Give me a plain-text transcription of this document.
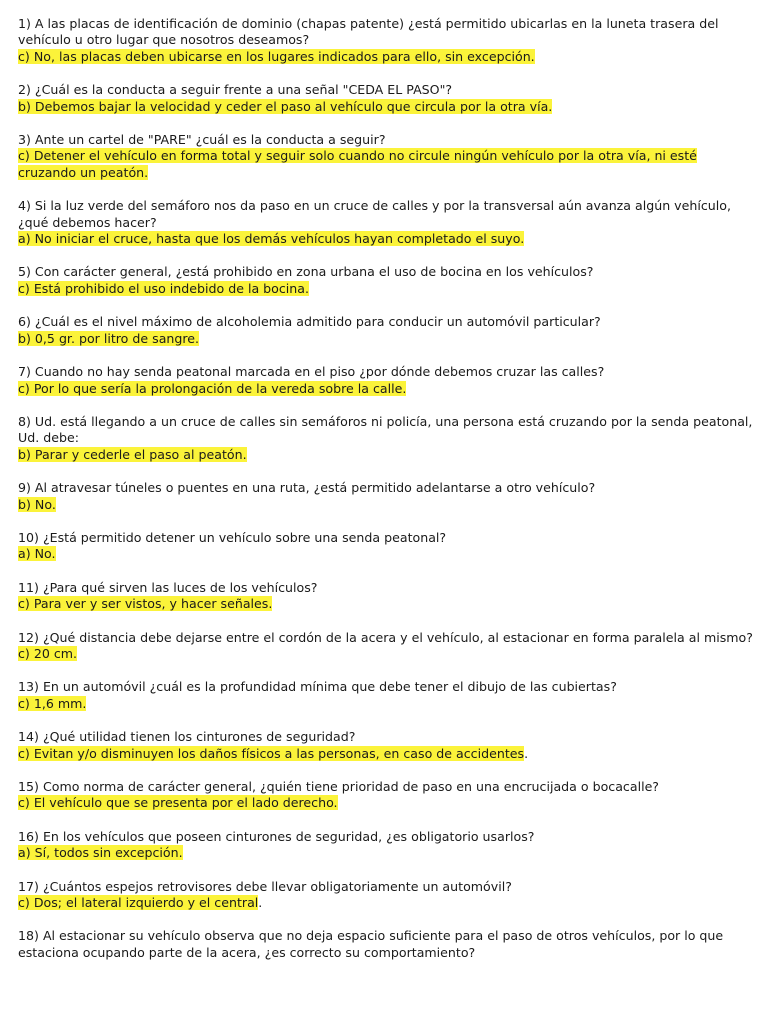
1) A las placas de identificación de dominio (chapas patente) ¿está permitido ubicarlas en la luneta trasera del vehículo u otro lugar que nosotros deseamos?
c) No, las placas deben ubicarse en los lugares indicados para ello, sin excepción.
2) ¿Cuál es la conducta a seguir frente a una señal "CEDA EL PASO"?
b) Debemos bajar la velocidad y ceder el paso al vehículo que circula por la otra vía.
3) Ante un cartel de "PARE" ¿cuál es la conducta a seguir?
c) Detener el vehículo en forma total y seguir solo cuando no circule ningún vehículo por la otra vía, ni esté cruzando un peatón.
4) Si la luz verde del semáforo nos da paso en un cruce de calles y por la transversal aún avanza algún vehículo, ¿qué debemos hacer?
a) No iniciar el cruce, hasta que los demás vehículos hayan completado el suyo.
5) Con carácter general, ¿está prohibido en zona urbana el uso de bocina en los vehículos?
c) Está prohibido el uso indebido de la bocina.
6) ¿Cuál es el nivel máximo de alcoholemia admitido para conducir un automóvil particular?
b) 0,5 gr. por litro de sangre.
7) Cuando no hay senda peatonal marcada en el piso ¿por dónde debemos cruzar las calles?
c) Por lo que sería la prolongación de la vereda sobre la calle.
8) Ud. está llegando a un cruce de calles sin semáforos ni policía, una persona está cruzando por la senda peatonal, Ud. debe:
b) Parar y cederle el paso al peatón.
9) Al atravesar túneles o puentes en una ruta, ¿está permitido adelantarse a otro vehículo?
b) No.
10) ¿Está permitido detener un vehículo sobre una senda peatonal?
a) No.
11) ¿Para qué sirven las luces de los vehículos?
c) Para ver y ser vistos, y hacer señales.
12) ¿Qué distancia debe dejarse entre el cordón de la acera y el vehículo, al estacionar en forma paralela al mismo?
c) 20 cm.
13) En un automóvil ¿cuál es la profundidad mínima que debe tener el dibujo de las cubiertas?
c) 1,6 mm.
14) ¿Qué utilidad tienen los cinturones de seguridad?
c) Evitan y/o disminuyen los daños físicos a las personas, en caso de accidentes.
15) Como norma de carácter general, ¿quién tiene prioridad de paso en una encrucijada o bocacalle?
c) El vehículo que se presenta por el lado derecho.
16) En los vehículos que poseen cinturones de seguridad, ¿es obligatorio usarlos?
a) Sí, todos sin excepción.
17) ¿Cuántos espejos retrovisores debe llevar obligatoriamente un automóvil?
c) Dos; el lateral izquierdo y el central.
18) Al estacionar su vehículo observa que no deja espacio suficiente para el paso de otros vehículos, por lo que estaciona ocupando parte de la acera, ¿es correcto su comportamiento?
